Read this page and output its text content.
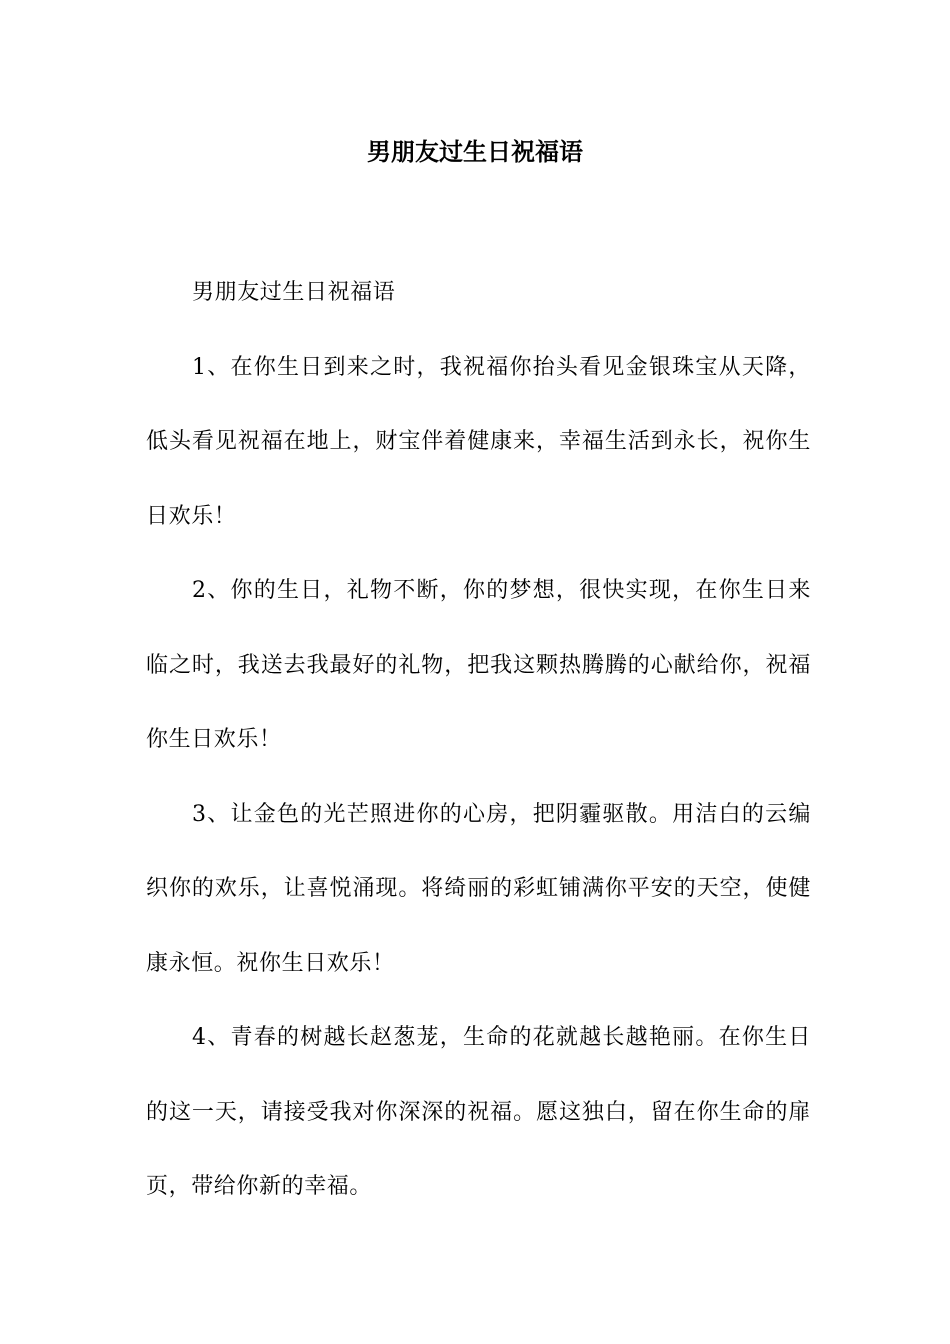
男朋友过生日祝福语

男朋友过生日祝福语

1、在你生日到来之时，我祝福你抬头看见金银珠宝从天降，低头看见祝福在地上，财宝伴着健康来，幸福生活到永长，祝你生日欢乐！

2、你的生日，礼物不断，你的梦想，很快实现，在你生日来临之时，我送去我最好的礼物，把我这颗热腾腾的心献给你，祝福你生日欢乐！

3、让金色的光芒照进你的心房，把阴霾驱散。用洁白的云编织你的欢乐，让喜悦涌现。将绮丽的彩虹铺满你平安的天空，使健康永恒。祝你生日欢乐！

4、青春的树越长赵葱茏，生命的花就越长越艳丽。在你生日的这一天，请接受我对你深深的祝福。愿这独白，留在你生命的扉页，带给你新的幸福。
